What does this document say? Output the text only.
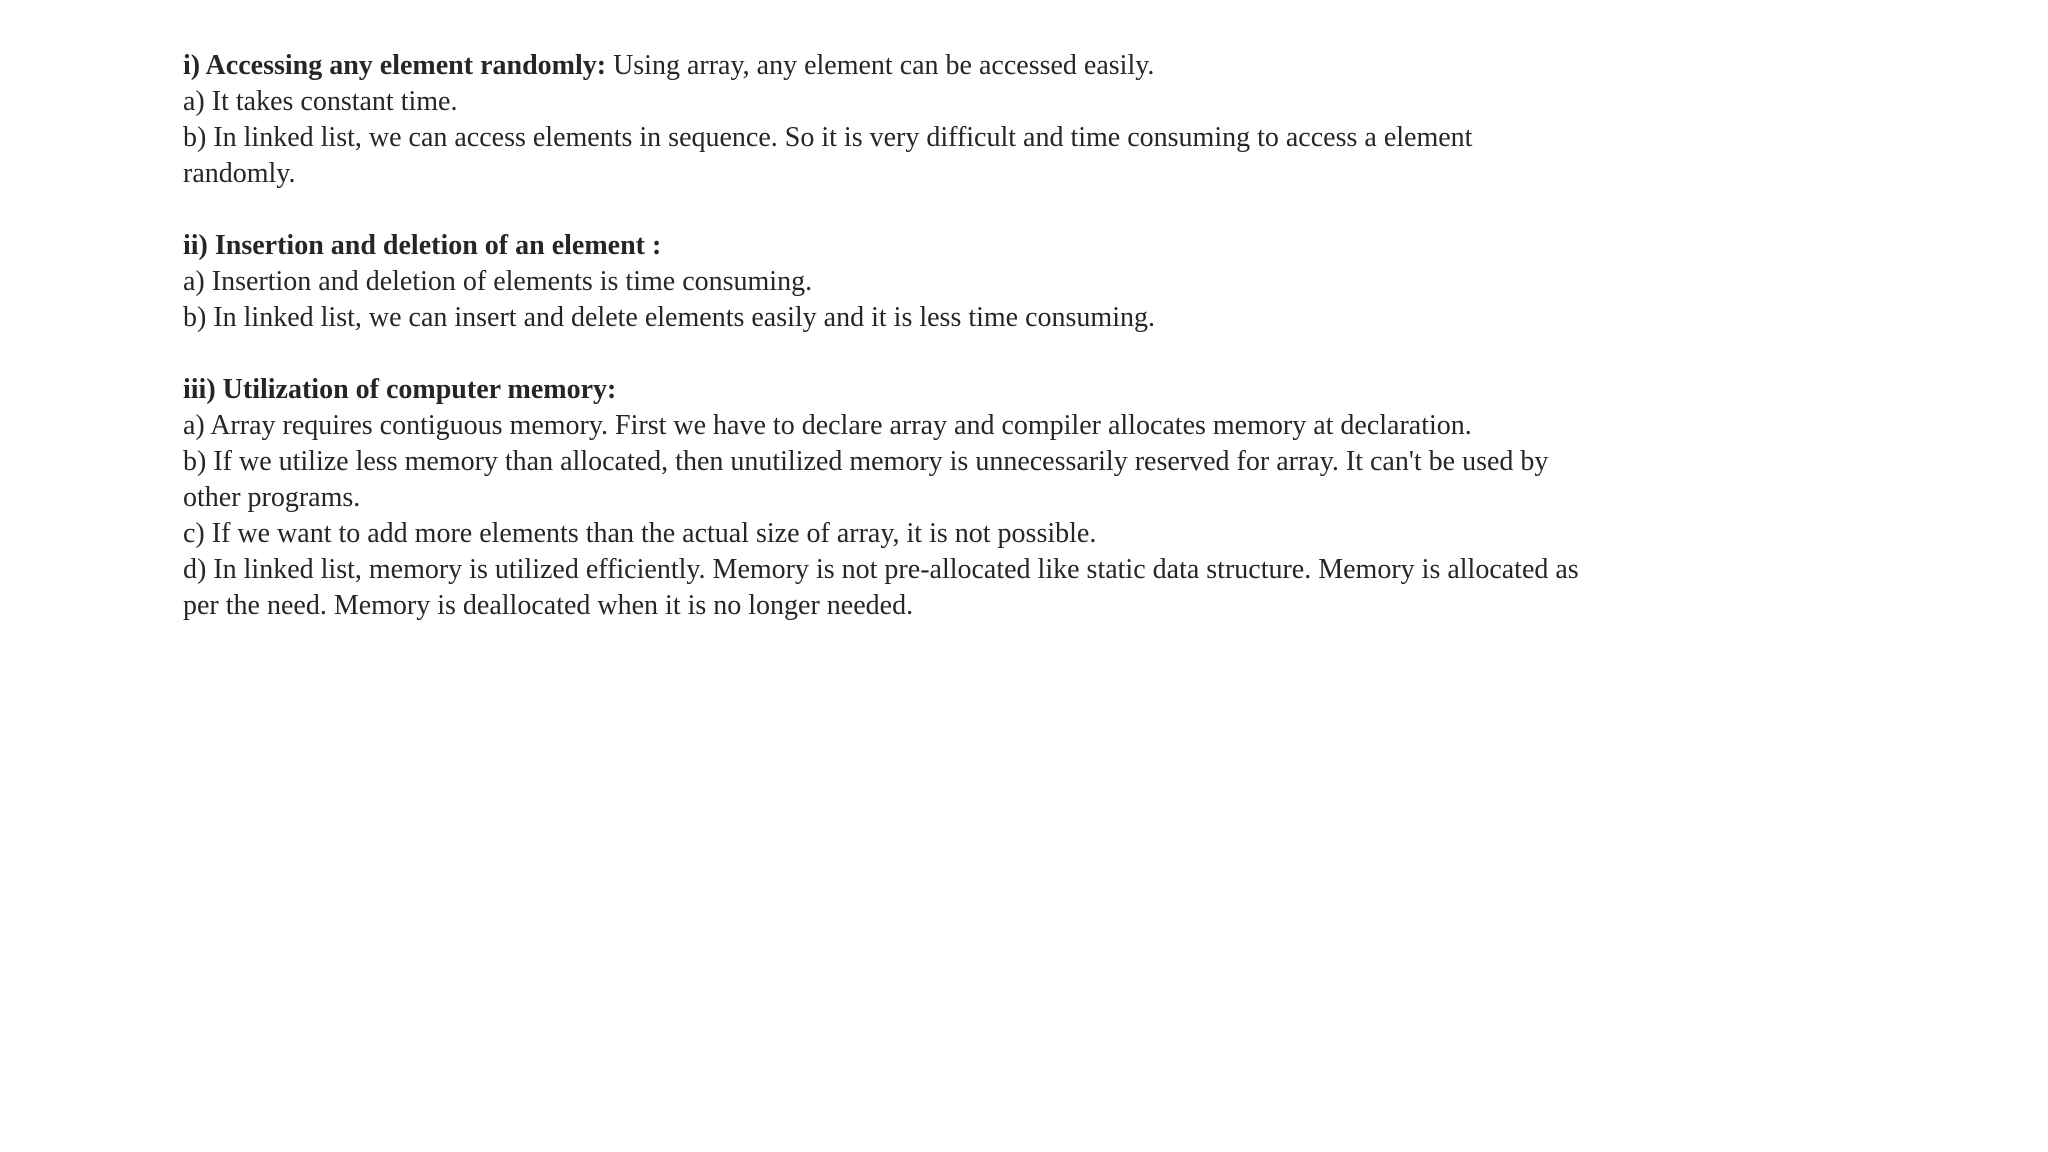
i) Accessing any element randomly: Using array, any element can be accessed easily.

a) It takes constant time.

b) In linked list, we can access elements in sequence. So it is very difficult and time consuming to access a element randomly.

ii) Insertion and deletion of an element :

a) Insertion and deletion of elements is time consuming.

b) In linked list, we can insert and delete elements easily and it is less time consuming.

iii) Utilization of computer memory:

a) Array requires contiguous memory. First we have to declare array and compiler allocates memory at declaration.

b) If we utilize less memory than allocated, then unutilized memory is unnecessarily reserved for array. It can't be used by other programs.

c) If we want to add more elements than the actual size of array, it is not possible.

d) In linked list, memory is utilized efficiently. Memory is not pre-allocated like static data structure. Memory is allocated as per the need. Memory is deallocated when it is no longer needed.
